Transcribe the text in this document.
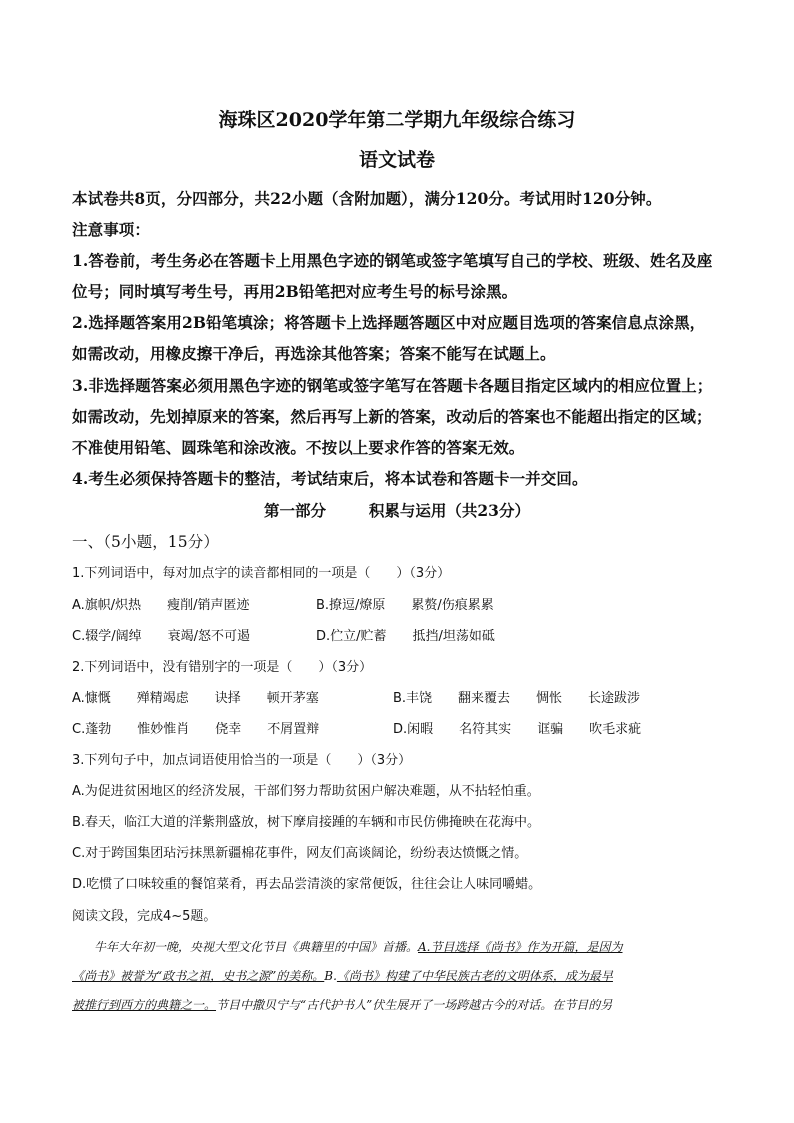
海珠区2020学年第二学期九年级综合练习
语文试卷
本试卷共8页，分四部分，共22小题（含附加题），满分120分。考试用时120分钟。
注意事项：
1.答卷前，考生务必在答题卡上用黑色字迹的钢笔或签字笔填写自己的学校、班级、姓名及座
位号；同时填写考生号，再用2B铅笔把对应考生号的标号涂黑。
2.选择题答案用2B铅笔填涂；将答题卡上选择题答题区中对应题目选项的答案信息点涂黑，
如需改动，用橡皮擦干净后，再选涂其他答案；答案不能写在试题上。
3.非选择题答案必须用黑色字迹的钢笔或签字笔写在答题卡各题目指定区域内的相应位置上；
如需改动，先划掉原来的答案，然后再写上新的答案，改动后的答案也不能超出指定的区域；
不准使用铅笔、圆珠笔和涂改液。不按以上要求作答的答案无效。
4.考生必须保持答题卡的整洁，考试结束后，将本试卷和答题卡一并交回。
第一部分	积累与运用（共23分）
一、（5小题，15分）
1.下列词语中，每对加点字的读音都相同的一项是（　　）（3分）
A.旗帜/炽热　　瘦削/销声匿迹	B.撩逗/燎原　　累赘/伤痕累累
C.辍学/阔绰　　衰竭/怒不可遏	D.伫立/贮蓄　　抵挡/坦荡如砥
2.下列词语中，没有错别字的一项是（　　）（3分）
A.慷慨　　殚精竭虑　　诀择　　顿开茅塞	B.丰饶　　翻来覆去　　惆怅　　长途跋涉
C.蓬勃　　惟妙惟肖　　侥幸　　不屑置辩	D.闲暇　　名符其实　　诓骗　　吹毛求疵
3.下列句子中，加点词语使用恰当的一项是（　　）（3分）
A.为促进贫困地区的经济发展，干部们努力帮助贫困户解决难题，从不拈轻怕重。
B.春天，临江大道的洋紫荆盛放，树下摩肩接踵的车辆和市民仿佛掩映在花海中。
C.对于跨国集团玷污抹黑新疆棉花事件，网友们高谈阔论，纷纷表达愤慨之情。
D.吃惯了口味较重的餐馆菜肴，再去品尝清淡的家常便饭，往往会让人味同嚼蜡。
阅读文段，完成4~5题。
牛年大年初一晚，央视大型文化节目《典籍里的中国》首播。A.节目选择《尚书》作为开篇，是因为
《尚书》被誉为“政书之祖，史书之源”的美称。B.《尚书》构建了中华民族古老的文明体系，成为最早
被推行到西方的典籍之一。节目中撒贝宁与“古代护书人”伏生展开了一场跨越古今的对话。在节目的另
